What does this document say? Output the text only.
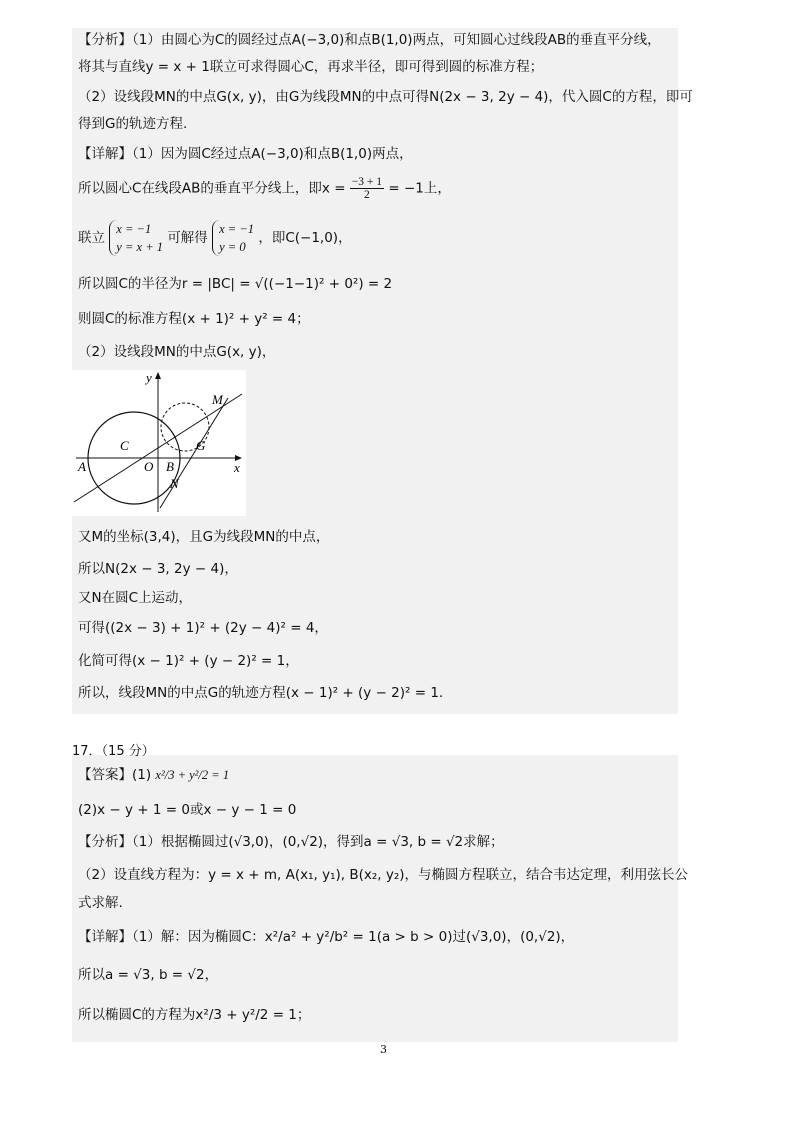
【分析】（1）由圆心为C的圆经过点A(−3,0)和点B(1,0)两点，可知圆心过线段AB的垂直平分线，
将其与直线y = x + 1联立可求得圆心C，再求半径，即可得到圆的标准方程；
（2）设线段MN的中点G(x, y)，由G为线段MN的中点可得N(2x − 3, 2y − 4)，代入圆C的方程，即可
得到G的轨迹方程.
【详解】（1）因为圆C经过点A(−3,0)和点B(1,0)两点，
所以圆心C在线段AB的垂直平分线上，即$x = \frac{-3 + 1}{2} = -1$上，
联立
x = −1
y = x + 1
可解得
x = −1
y = 0
，即C(−1,0)，
所以圆C的半径为r = |BC| = √((−1−1)² + 0²) = 2
则圆C的标准方程(x + 1)² + y² = 4；
（2）设线段MN的中点G(x, y)，
y
x
M
C	G
A	O B
N
又M的坐标(3,4)，且G为线段MN的中点，
所以N(2x − 3, 2y − 4)，
又N在圆C上运动，
可得((2x − 3) + 1)² + (2y − 4)² = 4，
化简可得(x − 1)² + (y − 2)² = 1，
所以，线段MN的中点G的轨迹方程(x − 1)² + (y − 2)² = 1.
17．（15 分）
【答案】(1) x²/3 + y²/2 = 1
(2)x − y + 1 = 0或x − y − 1 = 0
【分析】（1）根据椭圆过(√3,0)，(0,√2)，得到a = √3, b = √2求解；
（2）设直线方程为：y = x + m, A(x₁, y₁), B(x₂, y₂)，与椭圆方程联立，结合韦达定理，利用弦长公
式求解.
【详解】（1）解：因为椭圆C：x²/a² + y²/b² = 1(a > b > 0)过(√3,0)，(0,√2)，
所以a = √3, b = √2，
所以椭圆C的方程为x²/3 + y²/2 = 1；
3
